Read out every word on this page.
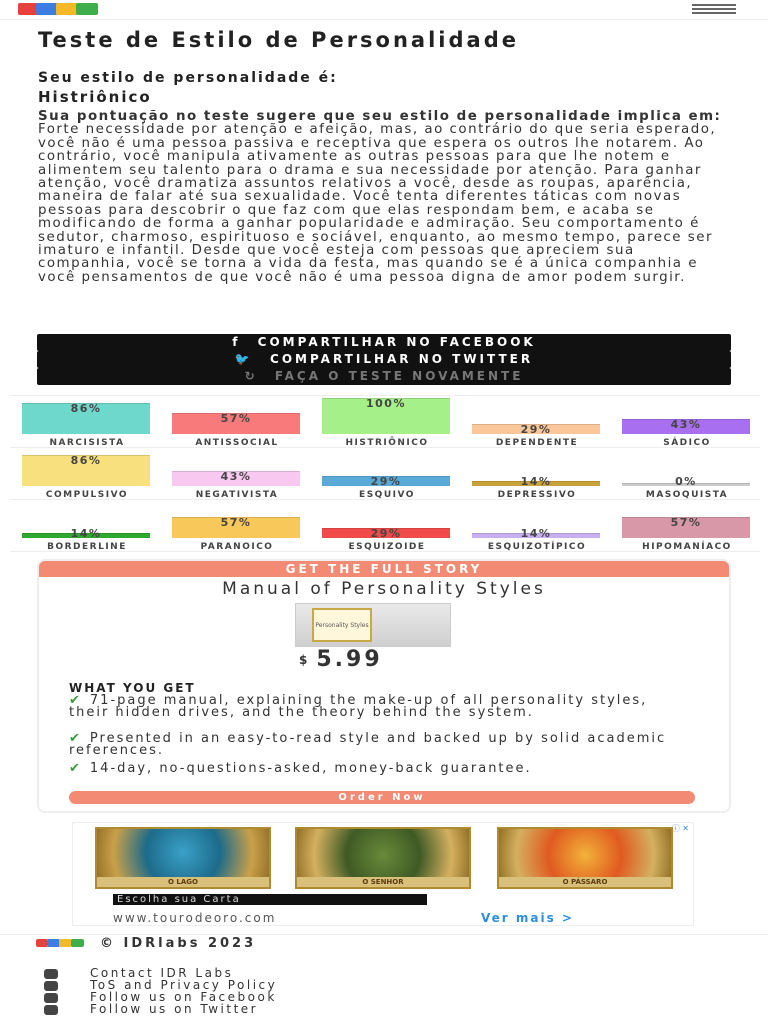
Teste de Estilo de Personalidade
Seu estilo de personalidade é:
Histriônico
Sua pontuação no teste sugere que seu estilo de personalidade implica em: Forte necessidade por atenção e afeição, mas, ao contrário do que seria esperado, você não é uma pessoa passiva e receptiva que espera os outros lhe notarem. Ao contrário, você manipula ativamente as outras pessoas para que lhe notem e alimentem seu talento para o drama e sua necessidade por atenção. Para ganhar atenção, você dramatiza assuntos relativos a você, desde as roupas, aparência, maneira de falar até sua sexualidade. Você tenta diferentes táticas com novas pessoas para descobrir o que faz com que elas respondam bem, e acaba se modificando de forma a ganhar popularidade e admiração. Seu comportamento é sedutor, charmoso, espirituoso e sociável, enquanto, ao mesmo tempo, parece ser imaturo e infantil. Desde que você esteja com pessoas que apreciem sua companhia, você se torna a vida da festa, mas quando se é a única companhia e você pensamentos de que você não é uma pessoa digna de amor podem surgir.
f COMPARTILHAR NO FACEBOOK
🐦 COMPARTILHAR NO TWITTER
↻ FAÇA O TESTE NOVAMENTE
86%
NARCISISTA
57%
ANTISSOCIAL
100%
HISTRIÔNICO
29%
DEPENDENTE
43%
SÁDICO
86%
COMPULSIVO
43%
NEGATIVISTA
29%
ESQUIVO
14%
DEPRESSIVO
0%
MASOQUISTA
14%
BORDERLINE
57%
PARANOICO
29%
ESQUIZOIDE
14%
ESQUIZOTÍPICO
57%
HIPOMANÍACO
GET THE FULL STORY
Manual of Personality Styles
Personality Styles
$ 5.99
WHAT YOU GET
✔ 71-page manual, explaining the make-up of all personality styles, their hidden drives, and the theory behind the system.
✔ Presented in an easy-to-read style and backed up by solid academic references.
✔ 14-day, no-questions-asked, money-back guarantee.
Order Now
ⓘ ✕
O LAGO	O SENHOR	O PÁSSARO
Escolha sua Carta
www.tourodeoro.com	Ver mais >
© IDRlabs 2023
Contact IDR Labs
ToS and Privacy Policy
Follow us on Facebook
Follow us on Twitter
